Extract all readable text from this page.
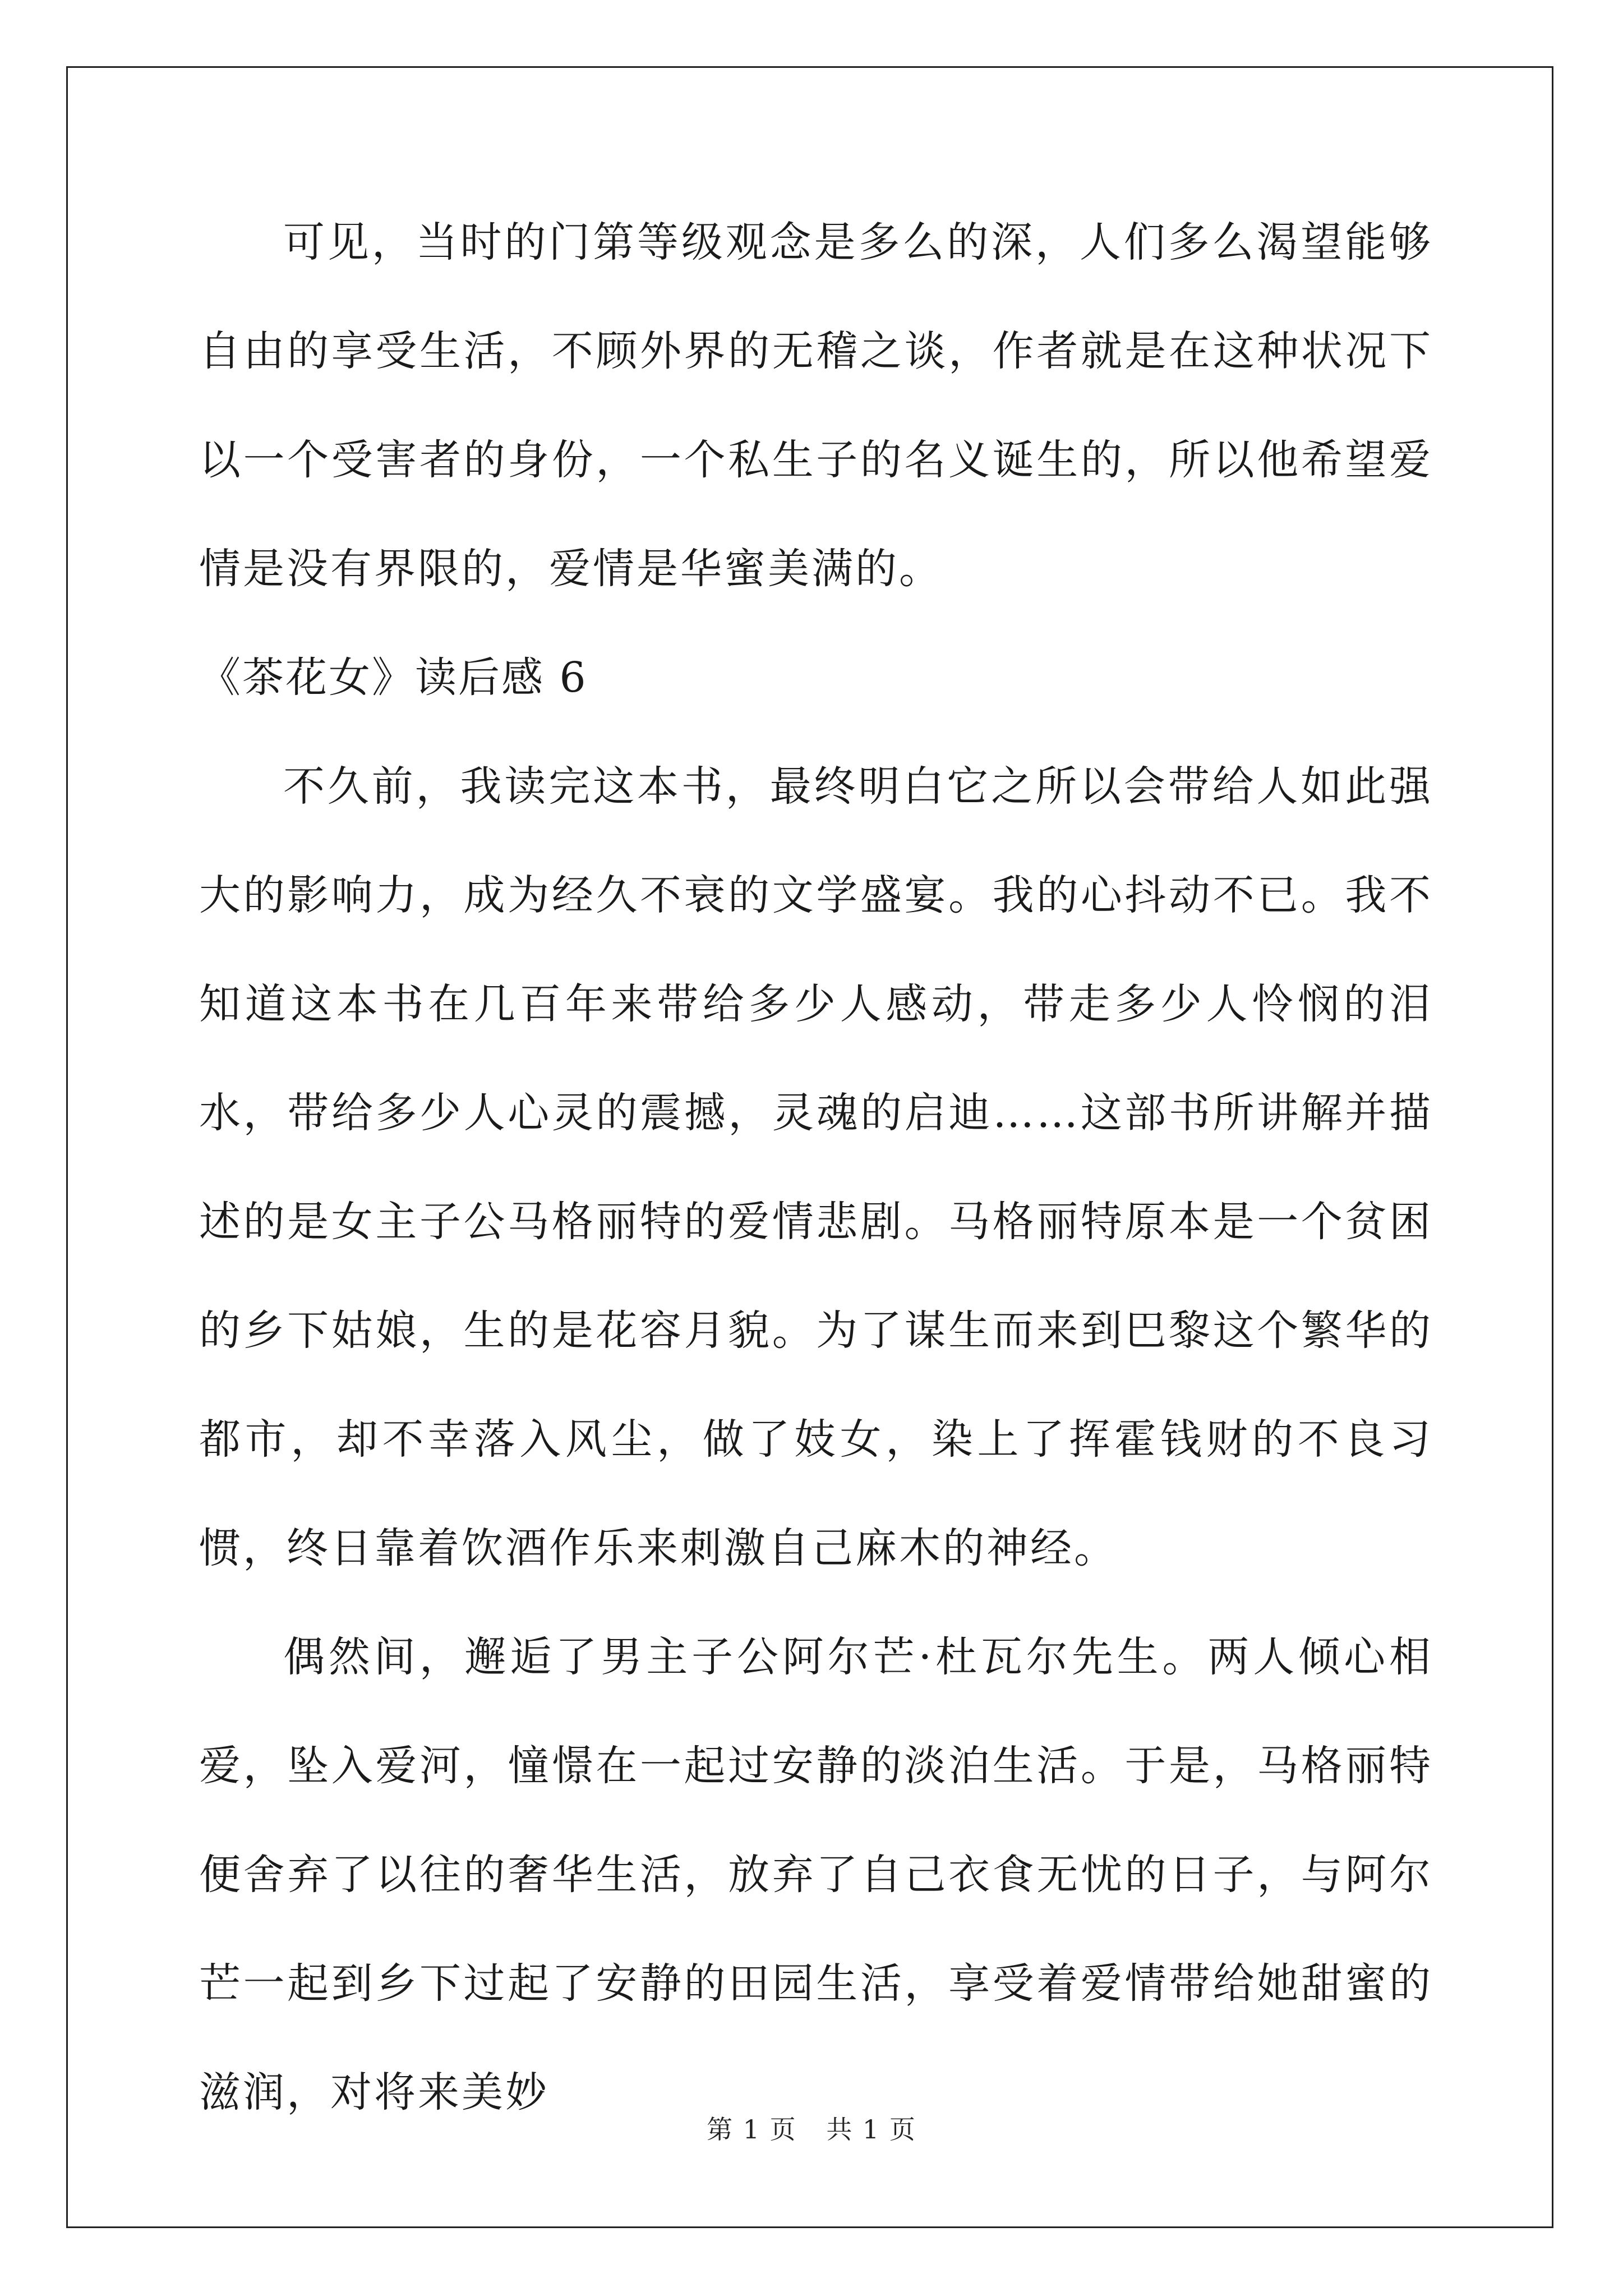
可见，当时的门第等级观念是多么的深，人们多么渴望能够自由的享受生活，不顾外界的无稽之谈，作者就是在这种状况下以一个受害者的身份，一个私生子的名义诞生的，所以他希望爱情是没有界限的，爱情是华蜜美满的。

《茶花女》读后感 6

不久前，我读完这本书，最终明白它之所以会带给人如此强大的影响力，成为经久不衰的文学盛宴。我的心抖动不已。我不知道这本书在几百年来带给多少人感动，带走多少人怜悯的泪水，带给多少人心灵的震撼，灵魂的启迪……这部书所讲解并描述的是女主子公马格丽特的爱情悲剧。马格丽特原本是一个贫困的乡下姑娘，生的是花容月貌。为了谋生而来到巴黎这个繁华的都市，却不幸落入风尘，做了妓女，染上了挥霍钱财的不良习惯，终日靠着饮酒作乐来刺激自己麻木的神经。

偶然间，邂逅了男主子公阿尔芒·杜瓦尔先生。两人倾心相爱，坠入爱河，憧憬在一起过安静的淡泊生活。于是，马格丽特便舍弃了以往的奢华生活，放弃了自己衣食无忧的日子，与阿尔芒一起到乡下过起了安静的田园生活，享受着爱情带给她甜蜜的滋润，对将来美妙

第 1 页 共 1 页
